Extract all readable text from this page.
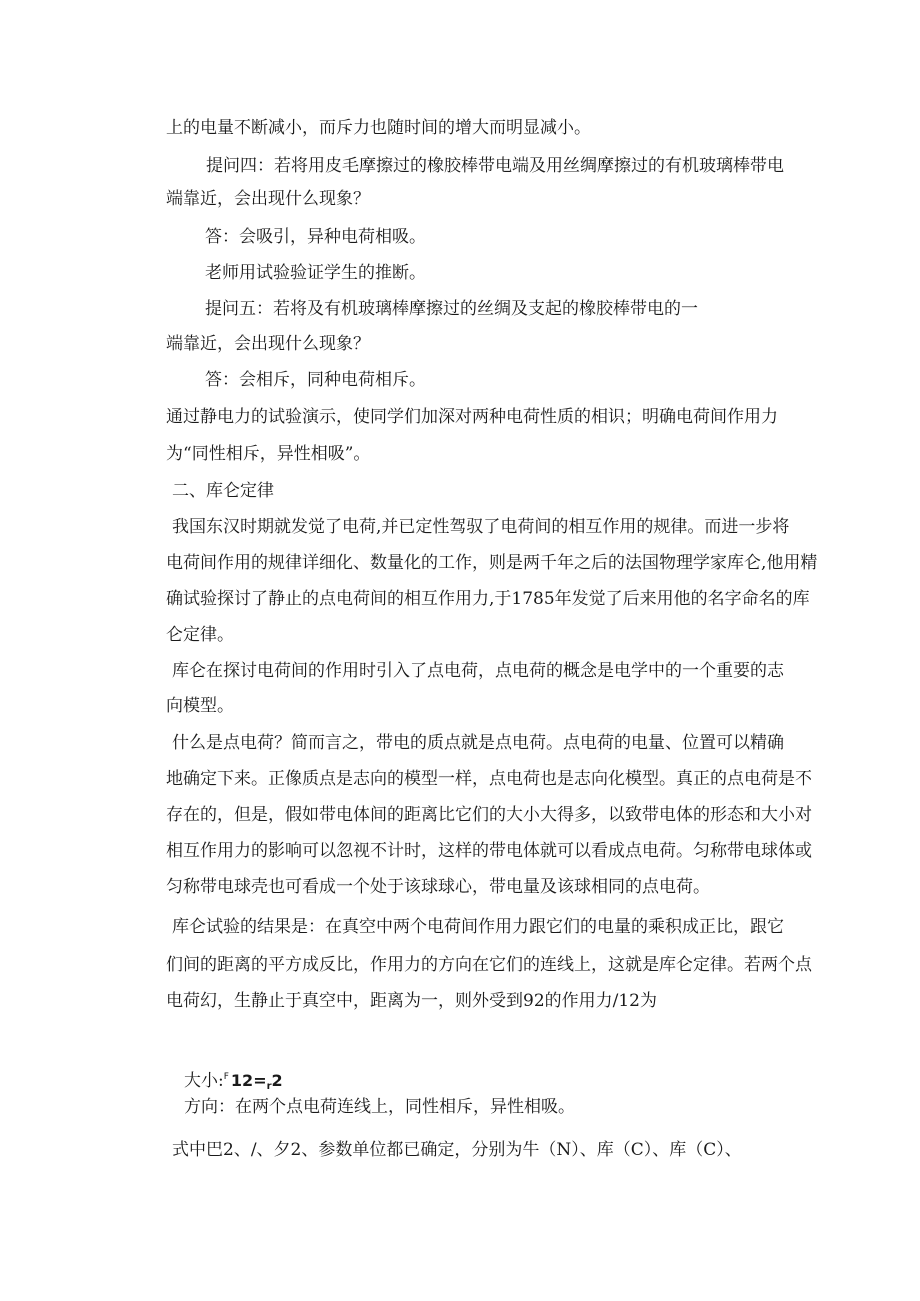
上的电量不断减小，而斥力也随时间的增大而明显减小。

提问四：若将用皮毛摩擦过的橡胶棒带电端及用丝绸摩擦过的有机玻璃棒带电

端靠近，会出现什么现象？

答：会吸引，异种电荷相吸。

老师用试验验证学生的推断。

提问五：若将及有机玻璃棒摩擦过的丝绸及支起的橡胶棒带电的一

端靠近，会出现什么现象？

答：会相斥，同种电荷相斥。

通过静电力的试验演示，使同学们加深对两种电荷性质的相识；明确电荷间作用力

为“同性相斥，异性相吸”。

二、库仑定律

我国东汉时期就发觉了电荷,并已定性驾驭了电荷间的相互作用的规律。而进一步将

电荷间作用的规律详细化、数量化的工作，则是两千年之后的法国物理学家库仑,他用精

确试验探讨了静止的点电荷间的相互作用力,于1785年发觉了后来用他的名字命名的库

仑定律。

库仑在探讨电荷间的作用时引入了点电荷，点电荷的概念是电学中的一个重要的志

向模型。

什么是点电荷？简而言之，带电的质点就是点电荷。点电荷的电量、位置可以精确

地确定下来。正像质点是志向的模型一样，点电荷也是志向化模型。真正的点电荷是不

存在的，但是，假如带电体间的距离比它们的大小大得多，以致带电体的形态和大小对

相互作用力的影响可以忽视不计时，这样的带电体就可以看成点电荷。匀称带电球体或

匀称带电球壳也可看成一个处于该球球心，带电量及该球相同的点电荷。

库仑试验的结果是：在真空中两个电荷间作用力跟它们的电量的乘积成正比，跟它

们间的距离的平方成反比，作用力的方向在它们的连线上，这就是库仑定律。若两个点

电荷幻，生静止于真空中，距离为一，则外受到92的作用力/12为

大小:$^F$ 12=r2

方向：在两个点电荷连线上，同性相斥，异性相吸。

式中巴2、/、夕2、参数单位都已确定，分别为牛（N）、库（C）、库（C）、
